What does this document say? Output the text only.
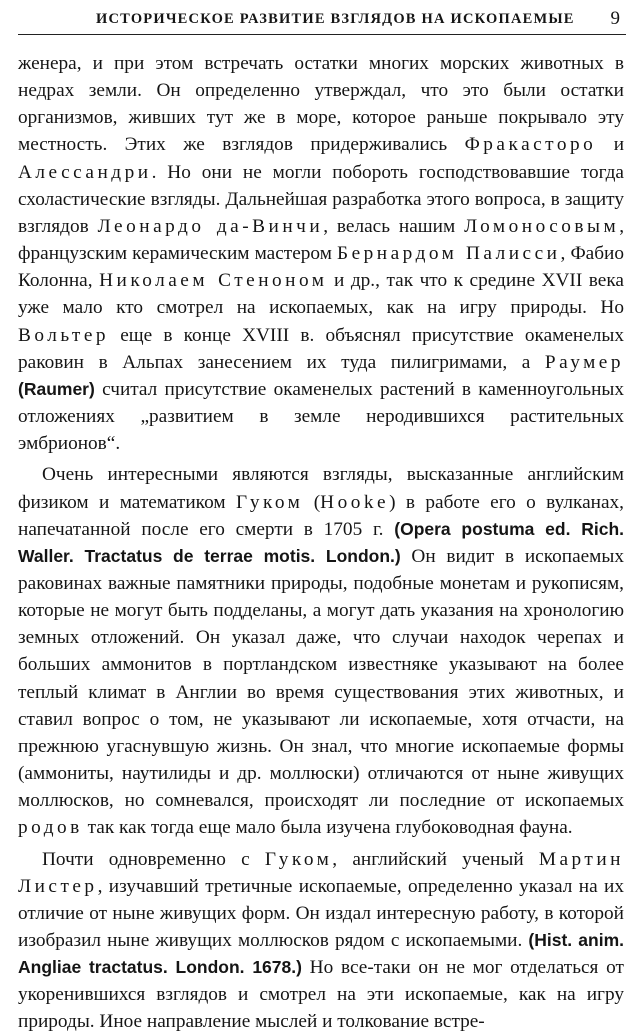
ИСТОРИЧЕСКОЕ РАЗВИТИЕ ВЗГЛЯДОВ НА ИСКОПАЕМЫЕ 9

женера, и при этом встречать остатки многих морских животных в недрах земли. Он определенно утверждал, что это были остатки организмов, живших тут же в море, которое раньше покрывало эту местность. Этих же взглядов придерживались Фракасторо и Алессандри. Но они не могли побороть господствовавшие тогда схоластические взгляды. Дальнейшая разработка этого вопроса, в защиту взглядов Леонардо да-Винчи, велась нашим Ломоносовым, французским керамическим мастером Бернардом Палисси, Фабио Колонна, Николаем Стеноном и др., так что к средине XVII века уже мало кто смотрел на ископаемых, как на игру природы. Но Вольтер еще в конце XVIII в. объяснял присутствие окаменелых раковин в Альпах занесением их туда пилигримами, а Раумер (Raumer) считал присутствие окаменелых растений в каменноугольных отложениях „развитием в земле неродившихся растительных эмбрионов“.

Очень интересными являются взгляды, высказанные английским физиком и математиком Гуком (Hooke) в работе его о вулканах, напечатанной после его смерти в 1705 г. (Opera postuma ed. Rich. Waller. Tractatus de terrae motis. London.) Он видит в ископаемых раковинах важные памятники природы, подобные монетам и рукописям, которые не могут быть подделаны, а могут дать указания на хронологию земных отложений. Он указал даже, что случаи находок черепах и больших аммонитов в портландском известняке указывают на более теплый климат в Англии во время существования этих животных, и ставил вопрос о том, не указывают ли ископаемые, хотя отчасти, на прежнюю угаснувшую жизнь. Он знал, что многие ископаемые формы (аммониты, наутилиды и др. моллюски) отличаются от ныне живущих моллюсков, но сомневался, происходят ли последние от ископаемых родов так как тогда еще мало была изучена глубоководная фауна.

Почти одновременно с Гуком, английский ученый Мартин Листер, изучавший третичные ископаемые, определенно указал на их отличие от ныне живущих форм. Он издал интересную работу, в которой изобразил ныне живущих моллюсков рядом с ископаемыми. (Hist. anim. Angliae tractatus. London. 1678.) Но все-таки он не мог отделаться от укоренившихся взглядов и смотрел на эти ископаемые, как на игру природы. Иное направление мыслей и толкование встре-
